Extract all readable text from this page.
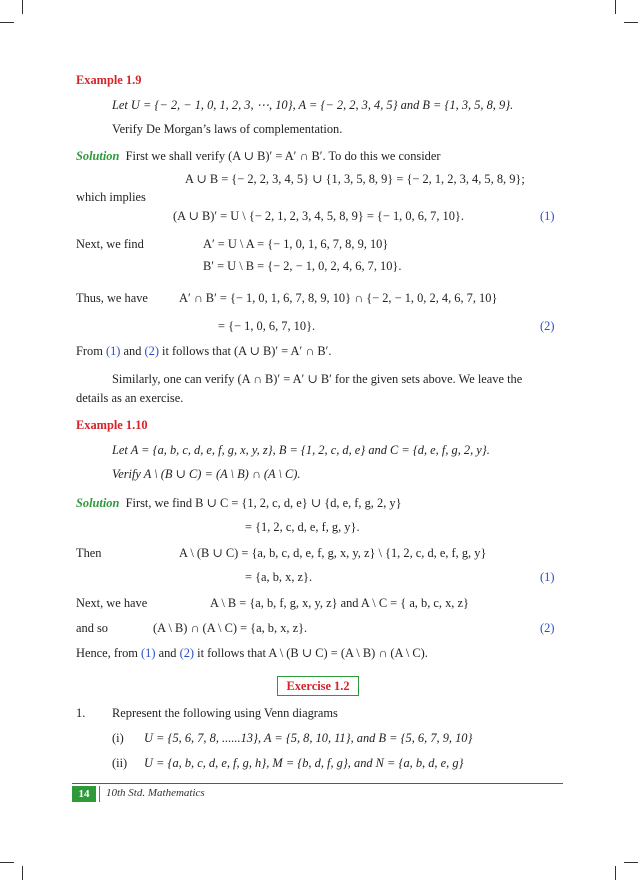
Example 1.9
Let U = {− 2, − 1, 0, 1, 2, 3, ⋯, 10}, A = {− 2, 2, 3, 4, 5} and B = {1, 3, 5, 8, 9}.
Verify De Morgan’s laws of complementation.
Solution First we shall verify (A ∪ B)′ = A′ ∩ B′. To do this we consider
A ∪ B = {− 2, 2, 3, 4, 5} ∪ {1, 3, 5, 8, 9} = {− 2, 1, 2, 3, 4, 5, 8, 9};
which implies
(A ∪ B)′ = U \ {− 2, 1, 2, 3, 4, 5, 8, 9} = {− 1, 0, 6, 7, 10}.	(1)
Next, we find	A′ = U \ A = {− 1, 0, 1, 6, 7, 8, 9, 10}
B′ = U \ B = {− 2, − 1, 0, 2, 4, 6, 7, 10}.
Thus, we have	A′ ∩ B′ = {− 1, 0, 1, 6, 7, 8, 9, 10} ∩ {− 2, − 1, 0, 2, 4, 6, 7, 10}
= {− 1, 0, 6, 7, 10}.	(2)
From (1) and (2) it follows that (A ∪ B)′ = A′ ∩ B′.
Similarly, one can verify (A ∩ B)′ = A′ ∪ B′ for the given sets above. We leave the
details as an exercise.
Example 1.10
Let A = {a, b, c, d, e, f, g, x, y, z}, B = {1, 2, c, d, e} and C = {d, e, f, g, 2, y}.
Verify A \ (B ∪ C) = (A \ B) ∩ (A \ C).
Solution First, we find B ∪ C = {1, 2, c, d, e} ∪ {d, e, f, g, 2, y}
= {1, 2, c, d, e, f, g, y}.
Then	A \ (B ∪ C) = {a, b, c, d, e, f, g, x, y, z} \ {1, 2, c, d, e, f, g, y}
= {a, b, x, z}.	(1)
Next, we have	A \ B = {a, b, f, g, x, y, z} and A \ C = { a, b, c, x, z}
and so	(A \ B) ∩ (A \ C) = {a, b, x, z}.	(2)
Hence, from (1) and (2) it follows that A \ (B ∪ C) = (A \ B) ∩ (A \ C).
Exercise 1.2
1. Represent the following using Venn diagrams
(i) U = {5, 6, 7, 8, ......13}, A = {5, 8, 10, 11}, and B = {5, 6, 7, 9, 10}
(ii) U = {a, b, c, d, e, f, g, h}, M = {b, d, f, g}, and N = {a, b, d, e, g}
14	10th Std. Mathematics
